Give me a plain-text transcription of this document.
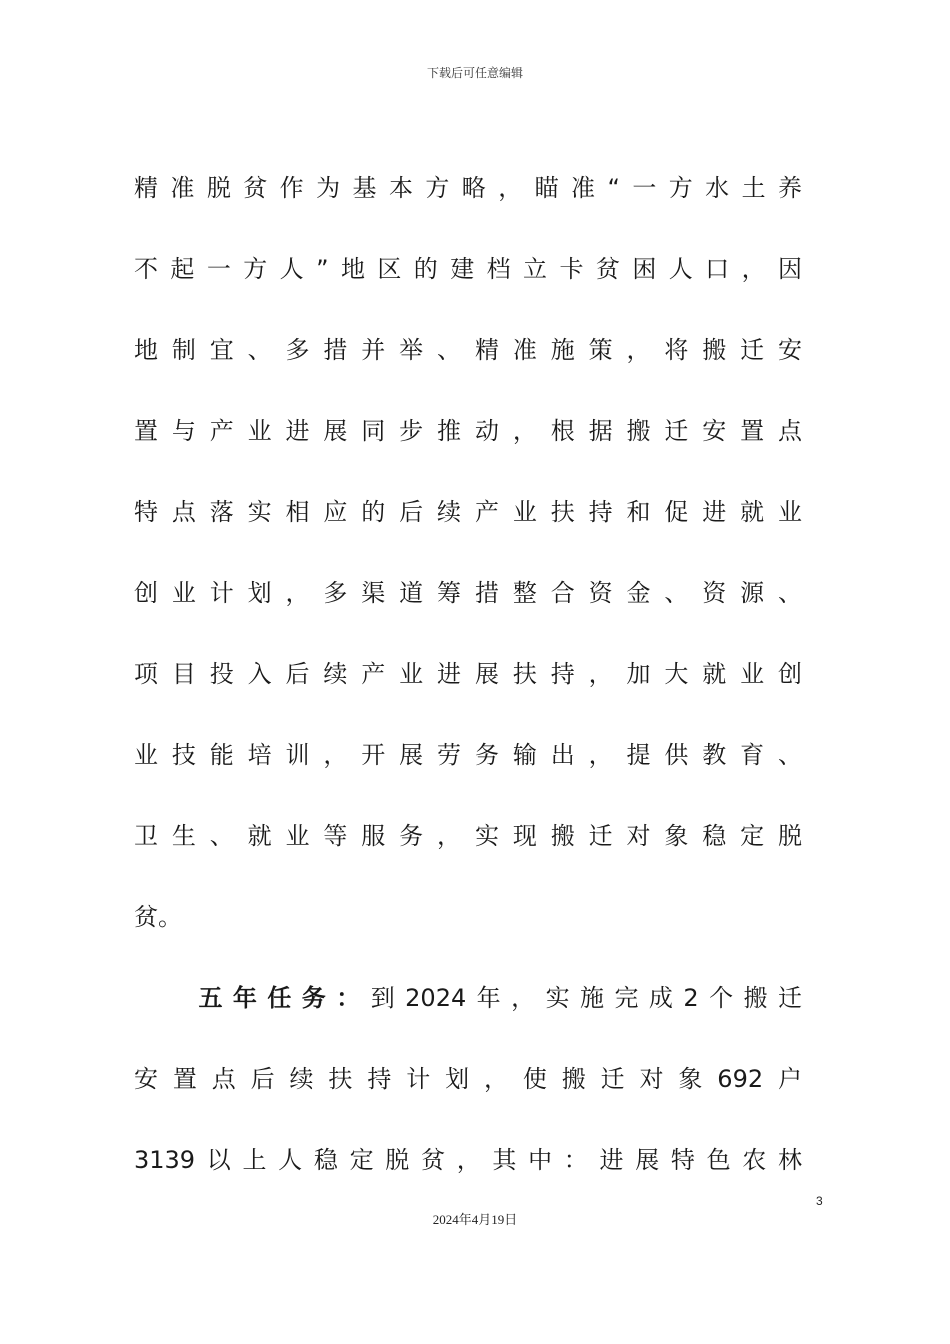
下载后可任意编辑
精准脱贫作为基本方略，瞄准“一方水土养
不起一方人”地区的建档立卡贫困人口，因
地制宜、多措并举、精准施策，将搬迁安
置与产业进展同步推动，根据搬迁安置点
特点落实相应的后续产业扶持和促进就业
创业计划，多渠道筹措整合资金、资源、
项目投入后续产业进展扶持，加大就业创
业技能培训，开展劳务输出，提供教育、
卫生、就业等服务，实现搬迁对象稳定脱
贫。
五年任务：到2024年，实施完成2个搬迁
安置点后续扶持计划，使搬迁对象692户
3139以上人稳定脱贫，其中：进展特色农林
3
2024年4月19日
